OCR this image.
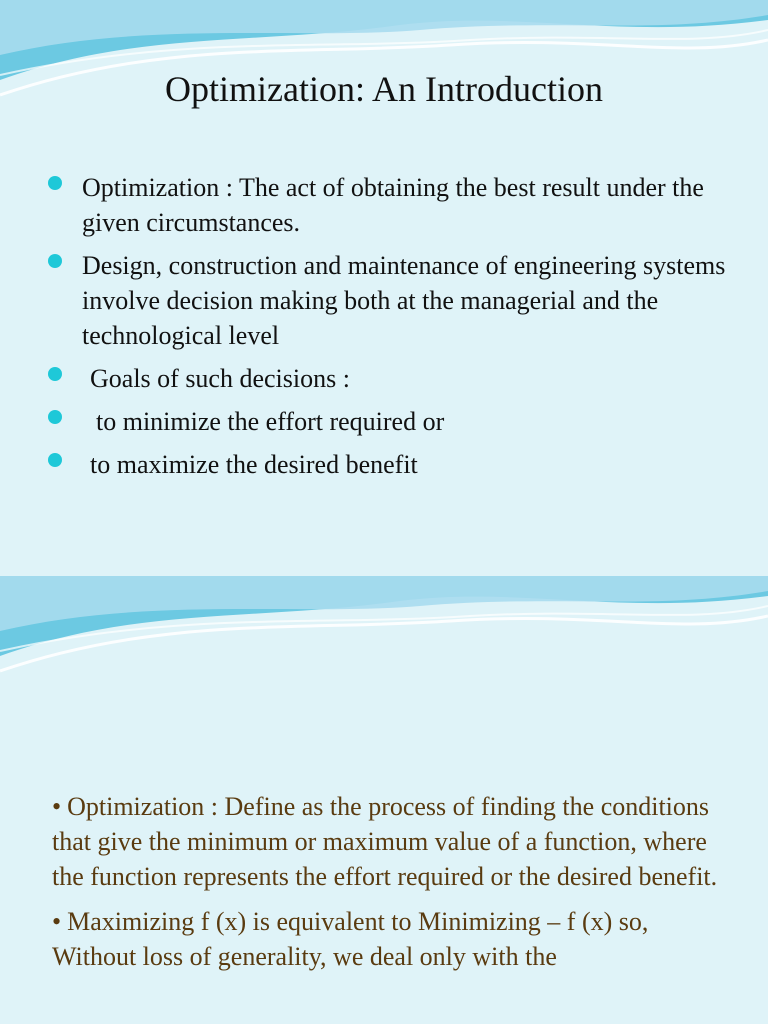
Optimization: An Introduction
Optimization : The act of obtaining the best result under the given circumstances.
Design, construction and maintenance of engineering systems involve decision making both at the managerial and the technological level
Goals of such decisions :
to minimize the effort required or
to maximize the desired benefit
• Optimization : Define as the process of finding the conditions that give the minimum or maximum value of a function, where the function represents the effort required or the desired benefit.
• Maximizing f (x) is equivalent to Minimizing – f (x) so, Without loss of generality, we deal only with the
